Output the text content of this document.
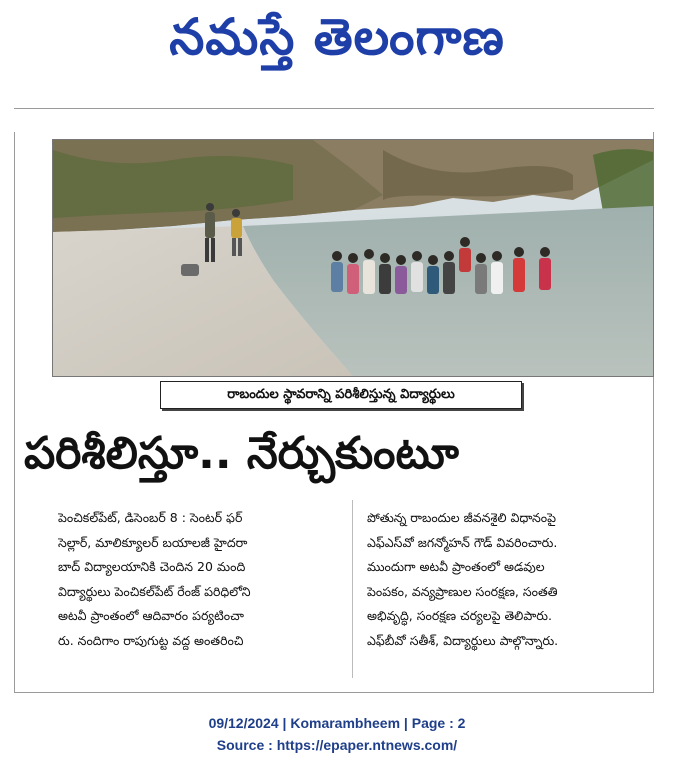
నమస్తే తెలంగాణ
రాబందుల స్థావరాన్ని పరిశీలిస్తున్న విద్యార్థులు
పరిశీలిస్తూ.. నేర్చుకుంటూ
పెంచికల్‌పేట్, డిసెంబర్ 8 : సెంటర్ ఫర్
సెల్లార్, మాలిక్యూలర్ బయాలజీ హైదరా
బాద్ విద్యాలయానికి చెందిన 20 మంది
విద్యార్థులు పెంచికల్‌పేట్ రేంజ్ పరిధిలోని
అటవీ ప్రాంతంలో ఆదివారం పర్యటించా
రు. నందిగాం రాపుగుట్ట వద్ద అంతరించి
పోతున్న రాబందుల జీవనశైలి విధానంపై
ఎఫ్ఎస్‌వో జగన్మోహన్ గౌడ్ వివరించారు.
ముందుగా అటవీ ప్రాంతంలో అడవుల
పెంపకం, వన్యప్రాణుల సంరక్షణ, సంతతి
అభివృద్ధి, సంరక్షణ చర్యలపై తెలిపారు.
ఎఫ్‌బీవో సతీశ్, విద్యార్థులు పాల్గొన్నారు.
09/12/2024 | Komarambheem | Page : 2
Source : https://epaper.ntnews.com/
